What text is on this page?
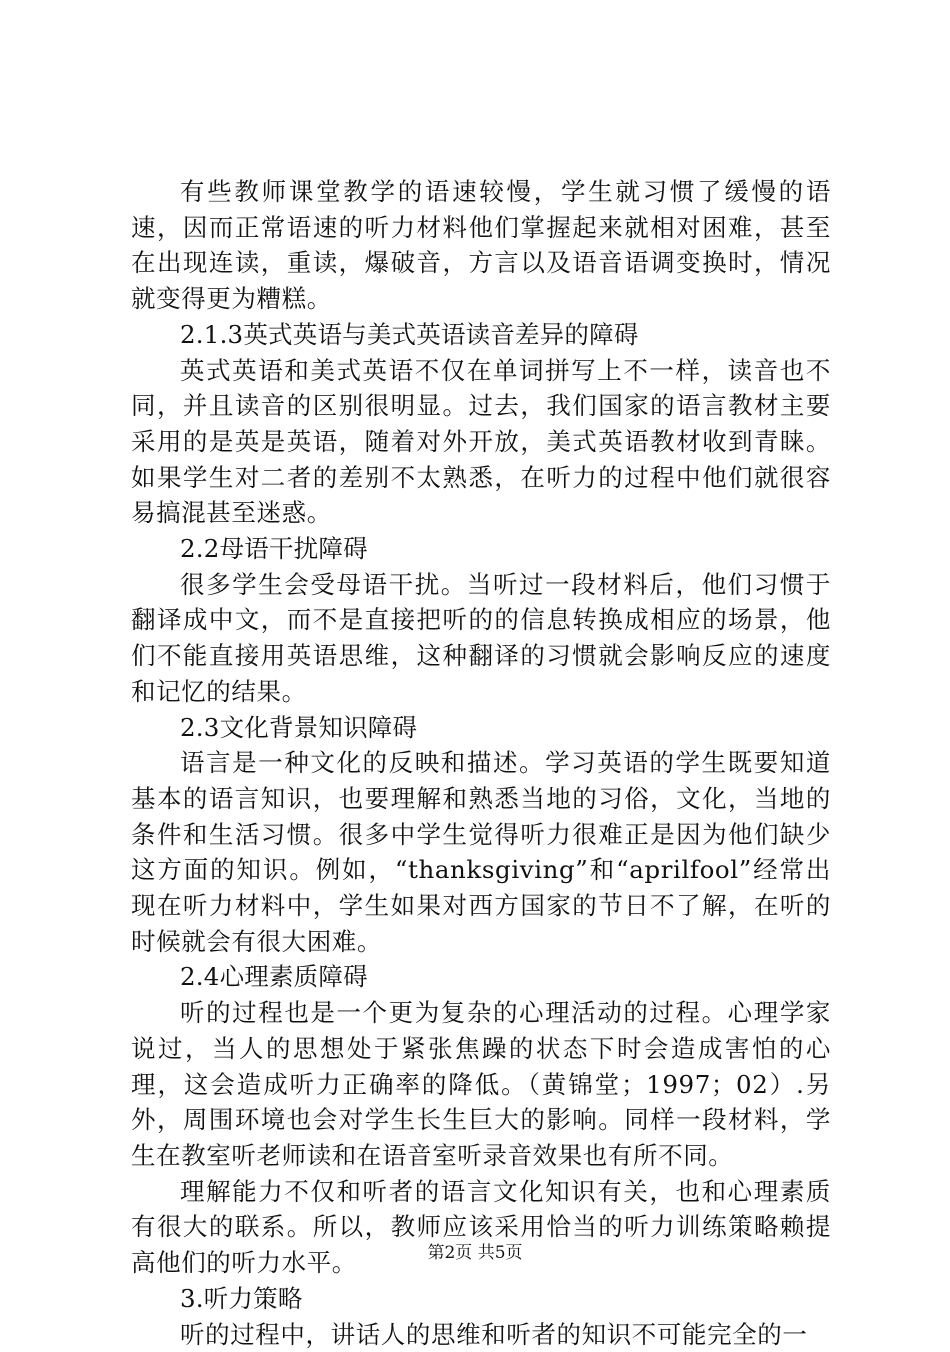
有些教师课堂教学的语速较慢，学生就习惯了缓慢的语速，因而正常语速的听力材料他们掌握起来就相对困难，甚至在出现连读，重读，爆破音，方言以及语音语调变换时，情况就变得更为糟糕。

2.1.3英式英语与美式英语读音差异的障碍

英式英语和美式英语不仅在单词拼写上不一样，读音也不同，并且读音的区别很明显。过去，我们国家的语言教材主要采用的是英是英语，随着对外开放，美式英语教材收到青睐。如果学生对二者的差别不太熟悉，在听力的过程中他们就很容易搞混甚至迷惑。

2.2母语干扰障碍

很多学生会受母语干扰。当听过一段材料后，他们习惯于翻译成中文，而不是直接把听的的信息转换成相应的场景，他们不能直接用英语思维，这种翻译的习惯就会影响反应的速度和记忆的结果。

2.3文化背景知识障碍

语言是一种文化的反映和描述。学习英语的学生既要知道基本的语言知识，也要理解和熟悉当地的习俗，文化，当地的条件和生活习惯。很多中学生觉得听力很难正是因为他们缺少这方面的知识。例如，“thanksgiving”和“aprilfool”经常出现在听力材料中，学生如果对西方国家的节日不了解，在听的时候就会有很大困难。

2.4心理素质障碍

听的过程也是一个更为复杂的心理活动的过程。心理学家说过，当人的思想处于紧张焦躁的状态下时会造成害怕的心理，这会造成听力正确率的降低。（黄锦堂；1997；02）.另外，周围环境也会对学生长生巨大的影响。同样一段材料，学生在教室听老师读和在语音室听录音效果也有所不同。

理解能力不仅和听者的语言文化知识有关，也和心理素质有很大的联系。所以，教师应该采用恰当的听力训练策略赖提高他们的听力水平。

3.听力策略

听的过程中，讲话人的思维和听者的知识不可能完全的一

第2页 共5页
